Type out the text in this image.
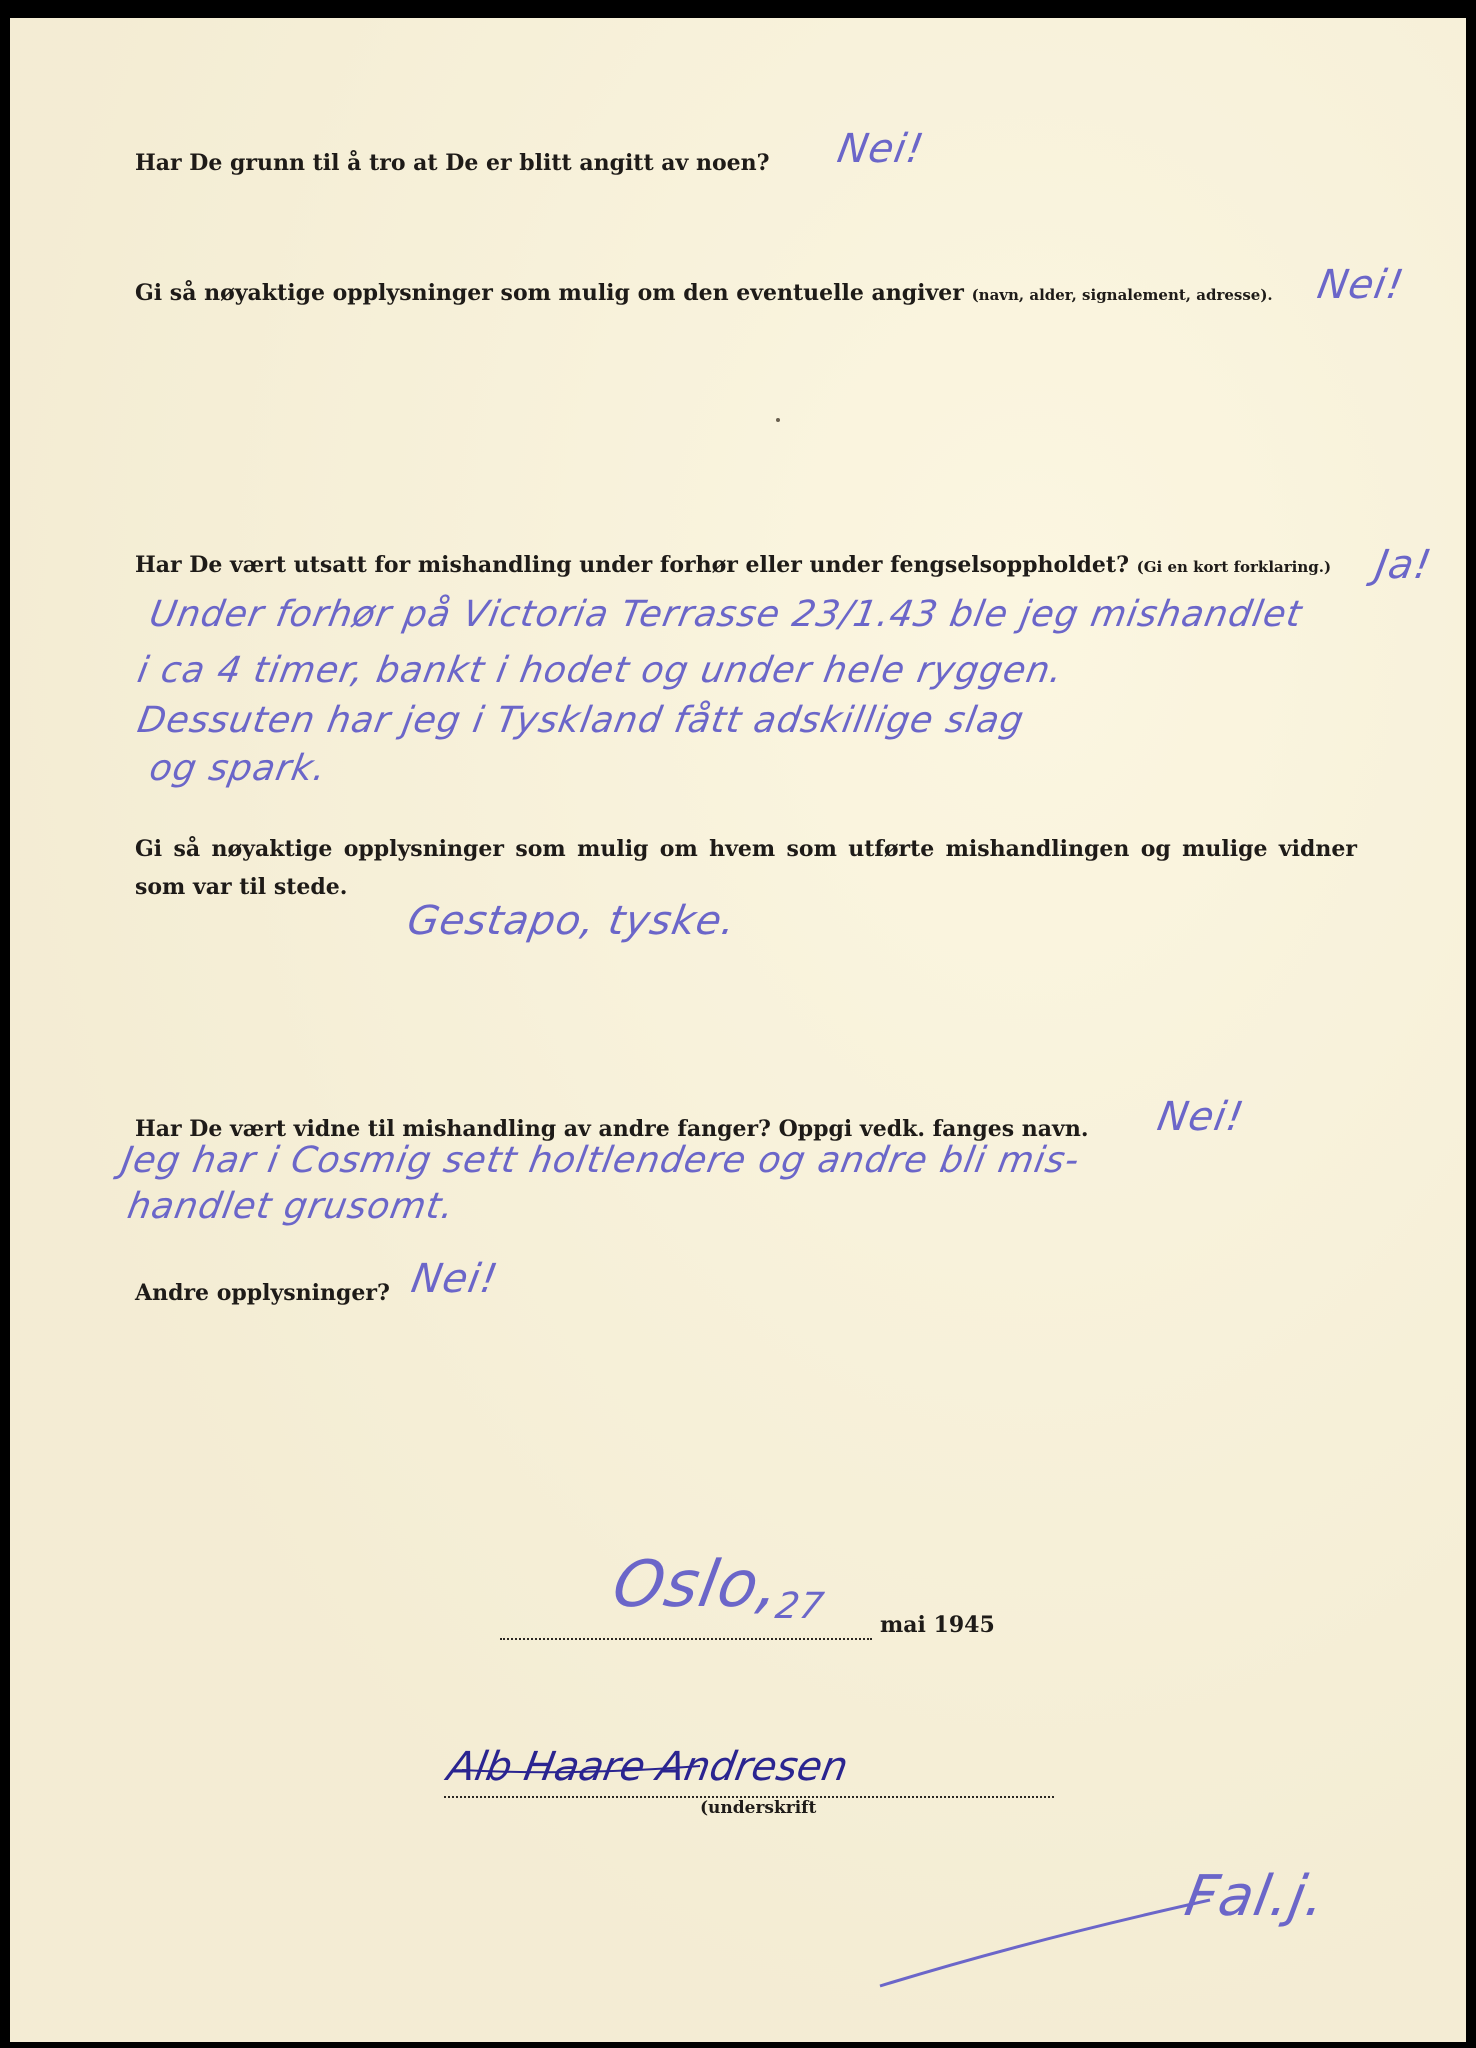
Har De grunn til å tro at De er blitt angitt av noen? Nei!
Gi så nøyaktige opplysninger som mulig om den eventuelle angiver (navn, alder, signalement, adresse). Nei!
Har De vært utsatt for mishandling under forhør eller under fengselsoppholdet? (Gi en kort forklaring.) Ja!
Under forhør på Victoria Terrasse 23/1.43 ble jeg mishandlet
i ca 4 timer, bankt i hodet og under hele ryggen.
Dessuten har jeg i Tyskland fått adskillige slag
og spark.
Gi så nøyaktige opplysninger som mulig om hvem som utførte mishandlingen og mulige vidner
som var til stede.
Gestapo, tyske.
Har De vært vidne til mishandling av andre fanger? Oppgi vedk. fanges navn. Nei!
Jeg har i Cosmig sett holtlendere og andre bli mis-
handlet grusomt.
Andre opplysninger? Nei!
Oslo,
27 mai 1945
Alb Haare Andresen
(underskrift
Fal.j.
